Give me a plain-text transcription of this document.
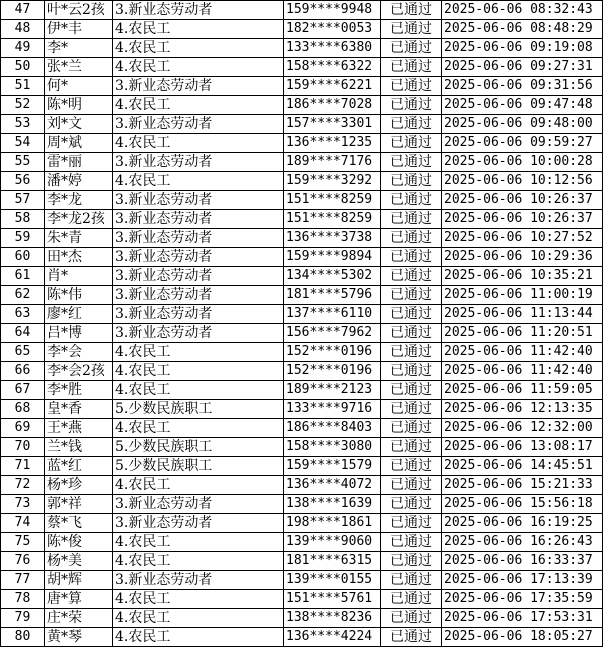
47	叶*云2孩	3.新业态劳动者	159****9948	已通过	2025-06-06 08:32:43
48	伊*丰	4.农民工	182****0053	已通过	2025-06-06 08:48:29
49	李*	4.农民工	133****6380	已通过	2025-06-06 09:19:08
50	张*兰	4.农民工	158****6322	已通过	2025-06-06 09:27:31
51	何*	3.新业态劳动者	159****6221	已通过	2025-06-06 09:31:56
52	陈*明	4.农民工	186****7028	已通过	2025-06-06 09:47:48
53	刘*文	3.新业态劳动者	157****3301	已通过	2025-06-06 09:48:00
54	周*斌	4.农民工	136****1235	已通过	2025-06-06 09:59:27
55	雷*丽	3.新业态劳动者	189****7176	已通过	2025-06-06 10:00:28
56	潘*婷	4.农民工	159****3292	已通过	2025-06-06 10:12:56
57	李*龙	3.新业态劳动者	151****8259	已通过	2025-06-06 10:26:37
58	李*龙2孩	3.新业态劳动者	151****8259	已通过	2025-06-06 10:26:37
59	朱*青	3.新业态劳动者	136****3738	已通过	2025-06-06 10:27:52
60	田*杰	3.新业态劳动者	159****9894	已通过	2025-06-06 10:29:36
61	肖*	3.新业态劳动者	134****5302	已通过	2025-06-06 10:35:21
62	陈*伟	3.新业态劳动者	181****5796	已通过	2025-06-06 11:00:19
63	廖*红	3.新业态劳动者	137****6110	已通过	2025-06-06 11:13:44
64	吕*博	3.新业态劳动者	156****7962	已通过	2025-06-06 11:20:51
65	李*会	4.农民工	152****0196	已通过	2025-06-06 11:42:40
66	李*会2孩	4.农民工	152****0196	已通过	2025-06-06 11:42:40
67	李*胜	4.农民工	189****2123	已通过	2025-06-06 11:59:05
68	皇*香	5.少数民族职工	133****9716	已通过	2025-06-06 12:13:35
69	王*燕	4.农民工	186****8403	已通过	2025-06-06 12:32:00
70	兰*钱	5.少数民族职工	158****3080	已通过	2025-06-06 13:08:17
71	蓝*红	5.少数民族职工	159****1579	已通过	2025-06-06 14:45:51
72	杨*珍	4.农民工	136****4072	已通过	2025-06-06 15:21:33
73	郭*祥	3.新业态劳动者	138****1639	已通过	2025-06-06 15:56:18
74	蔡*飞	3.新业态劳动者	198****1861	已通过	2025-06-06 16:19:25
75	陈*俊	4.农民工	139****9060	已通过	2025-06-06 16:26:43
76	杨*美	4.农民工	181****6315	已通过	2025-06-06 16:33:37
77	胡*辉	3.新业态劳动者	139****0155	已通过	2025-06-06 17:13:39
78	唐*算	4.农民工	151****5761	已通过	2025-06-06 17:35:59
79	庄*荣	4.农民工	138****8236	已通过	2025-06-06 17:53:31
80	黄*琴	4.农民工	136****4224	已通过	2025-06-06 18:05:27
